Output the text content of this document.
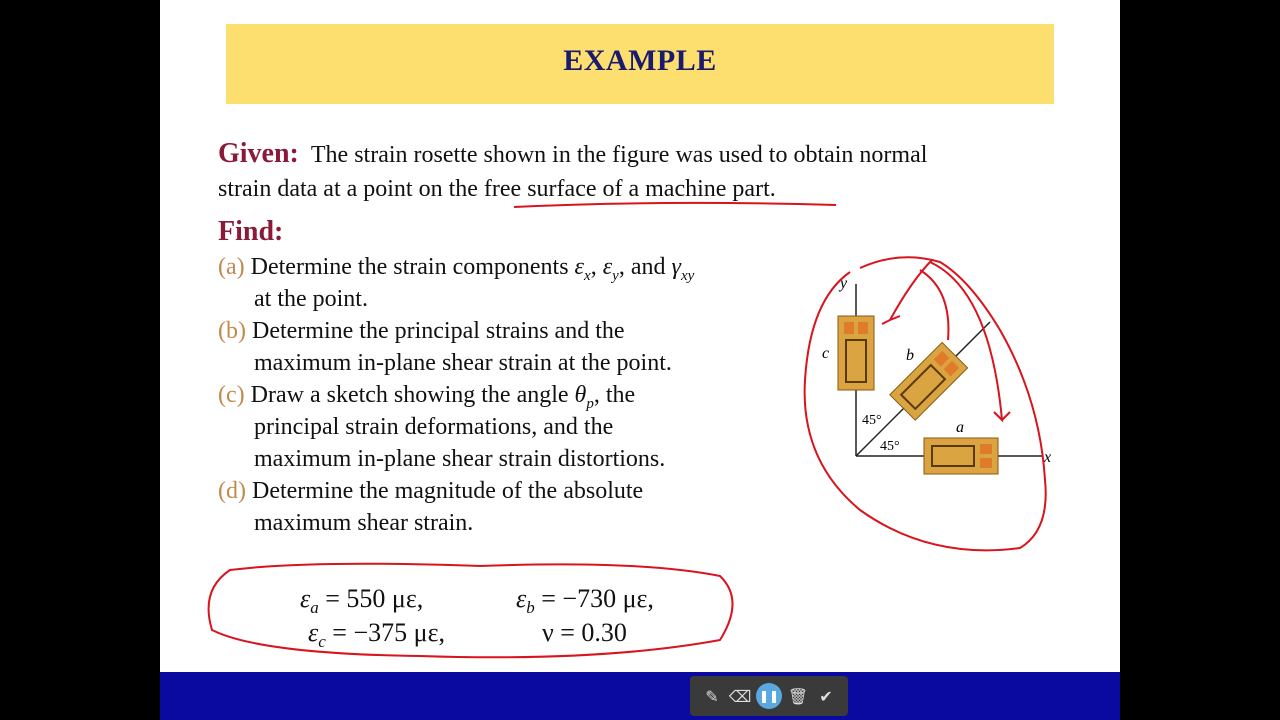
EXAMPLE
Given: The strain rosette shown in the figure was used to obtain normal
strain data at a point on the free surface of a machine part.
Find:
(a) Determine the strain components $\varepsilon_x$, $\varepsilon_y$, and $\gamma_{xy}$
at the point.
(b) Determine the principal strains and the
maximum in-plane shear strain at the point.
(c) Draw a sketch showing the angle $\theta_p$, the
principal strain deformations, and the
maximum in-plane shear strain distortions.
(d) Determine the magnitude of the absolute
maximum shear strain.
y
x
c	b
a
45°
45°
$\varepsilon_a = 550$ με,	$\varepsilon_b = -730$ με,
$\varepsilon_c = -375$ με,	ν = 0.30
✎ ⌫ ❚❚ 🗑 ✔
